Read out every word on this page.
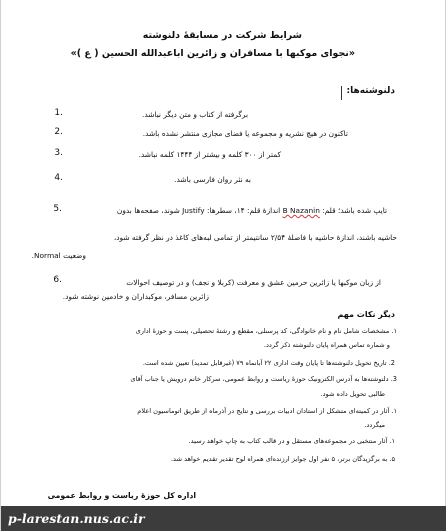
شرایط شرکت در مسابقهٔ دلنوشته
«نجوای موکبها با مسافران و زائرین اباعبدالله الحسین ( ع )»
دلنوشته‌ها:
1.	برگرفته از کتاب و متن دیگر نباشد.
2.	تاکنون در هیچ نشریه و مجموعه یا فضای مجازی منتشر نشده باشد.
3.	کمتر از ۳۰۰ کلمه و بیشتر از ۱۴۴۴ کلمه نباشد.
4.	به نثر روان فارسی باشد.
5.	تایپ شده باشد؛ قلم: B Nazanin اندازهٔ قلم: ۱۴، سطرها: Justify شوند، صفحه‌ها بدون
حاشیه باشند، اندازهٔ حاشیه با فاصلهٔ ۲/۵۴ سانتیمتر از تمامی لبه‌های کاغذ در نظر گرفته شود،
وضعیت Normal.
6.	از زبان موکبها یا زائرین حرمین عشق و معرفت (کربلا و نجف) و در توصیف احوالات
زائرین مسافر، موکبداران و خادمین نوشته شود.
دیگر نکات مهم
۱. مشخصات شامل نام و نام خانوادگی، کد پرسنلی، مقطع و رشتهٔ تحصیلی، پست و حوزهٔ اداری
و شماره تماس همراه پایان دلنوشته ذکر گردد.
2. تاریخ تحویل دلنوشته‌ها تا پایان وقت اداری ۲۲ آبانماه ۷۹ (غیرقابل تمدید) تعیین شده است.
3. دلنوشته‌ها به آدرس الکترونیک حوزهٔ ریاست و روابط عمومی، سرکار خانم درویش یا جناب آقای
طالبی تحویل داده شود.
۱. آثار در کمیته‌ای متشکل از استادان ادبیات بررسی و نتایج در آذرماه از طریق اتوماسیون اعلام
میگردد.
۱. آثار منتخبی در مجموعه‌های مستقل و در قالب کتاب به چاپ خواهد رسید.
۵. به برگزیدگان برتر، ۵ نفر اول جوایز ارزنده‌ای همراه لوح تقدیر تقدیم خواهد شد.
اداره کل حوزهٔ ریاست و روابط عمومی
p-larestan.nus.ac.ir
